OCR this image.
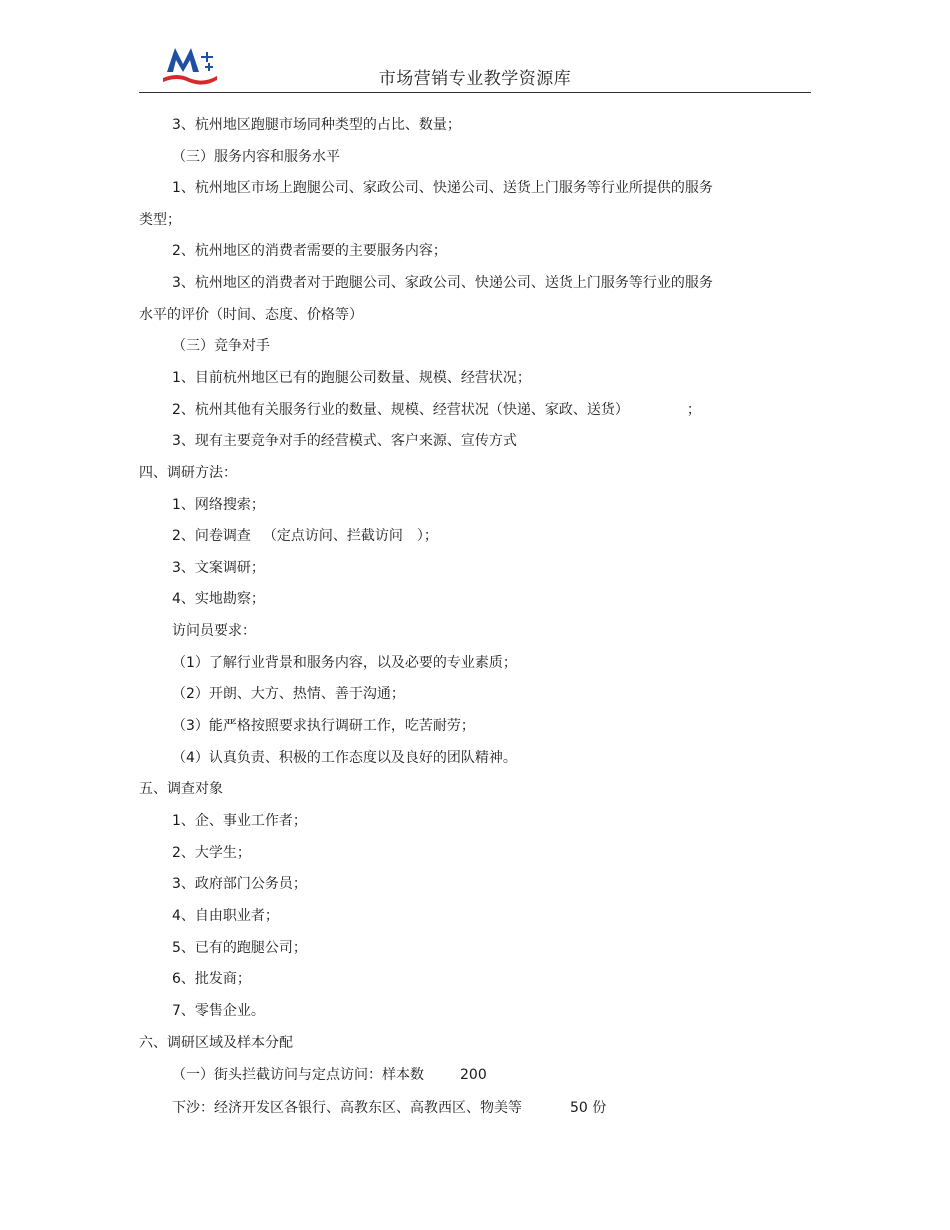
市场营销专业教学资源库
3、杭州地区跑腿市场同种类型的占比、数量；
（三）服务内容和服务水平
1、杭州地区市场上跑腿公司、家政公司、快递公司、送货上门服务等行业所提供的服务
类型；
2、杭州地区的消费者需要的主要服务内容；
3、杭州地区的消费者对于跑腿公司、家政公司、快递公司、送货上门服务等行业的服务
水平的评价（时间、态度、价格等）
（三）竞争对手
1、目前杭州地区已有的跑腿公司数量、规模、经营状况；
2、杭州其他有关服务行业的数量、规模、经营状况（快递、家政、送货）	；
3、现有主要竞争对手的经营模式、客户来源、宣传方式
四、调研方法：
1、网络搜索；
2、问卷调查 （定点访问、拦截访问 ）；
3、文案调研；
4、实地勘察；
访问员要求：
（1）了解行业背景和服务内容，以及必要的专业素质；
（2）开朗、大方、热情、善于沟通；
（3）能严格按照要求执行调研工作，吃苦耐劳；
（4）认真负责、积极的工作态度以及良好的团队精神。
五、调查对象
1、企、事业工作者；
2、大学生；
3、政府部门公务员；
4、自由职业者；
5、已有的跑腿公司；
6、批发商；
7、零售企业。
六、调研区域及样本分配
（一）街头拦截访问与定点访问：样本数	200
下沙：经济开发区各银行、高教东区、高教西区、物美等	50 份
